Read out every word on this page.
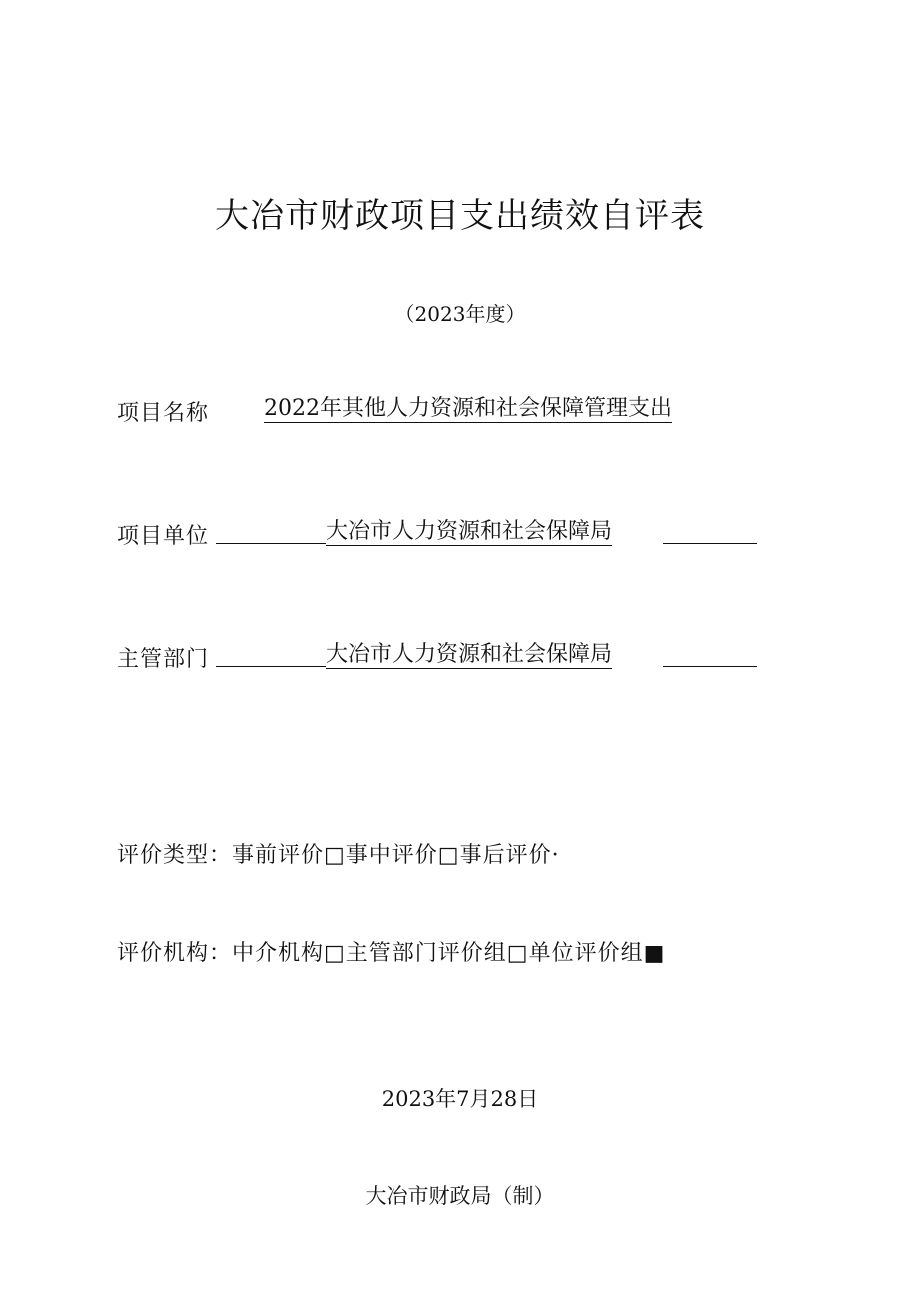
大冶市财政项目支出绩效自评表
（2023年度）
项目名称 2022年其他人力资源和社会保障管理支出
项目单位	大冶市人力资源和社会保障局
主管部门	大冶市人力资源和社会保障局
评价类型：事前评价□事中评价□事后评价·
评价机构：中介机构□主管部门评价组□单位评价组■
2023年7月28日
大冶市财政局（制）
